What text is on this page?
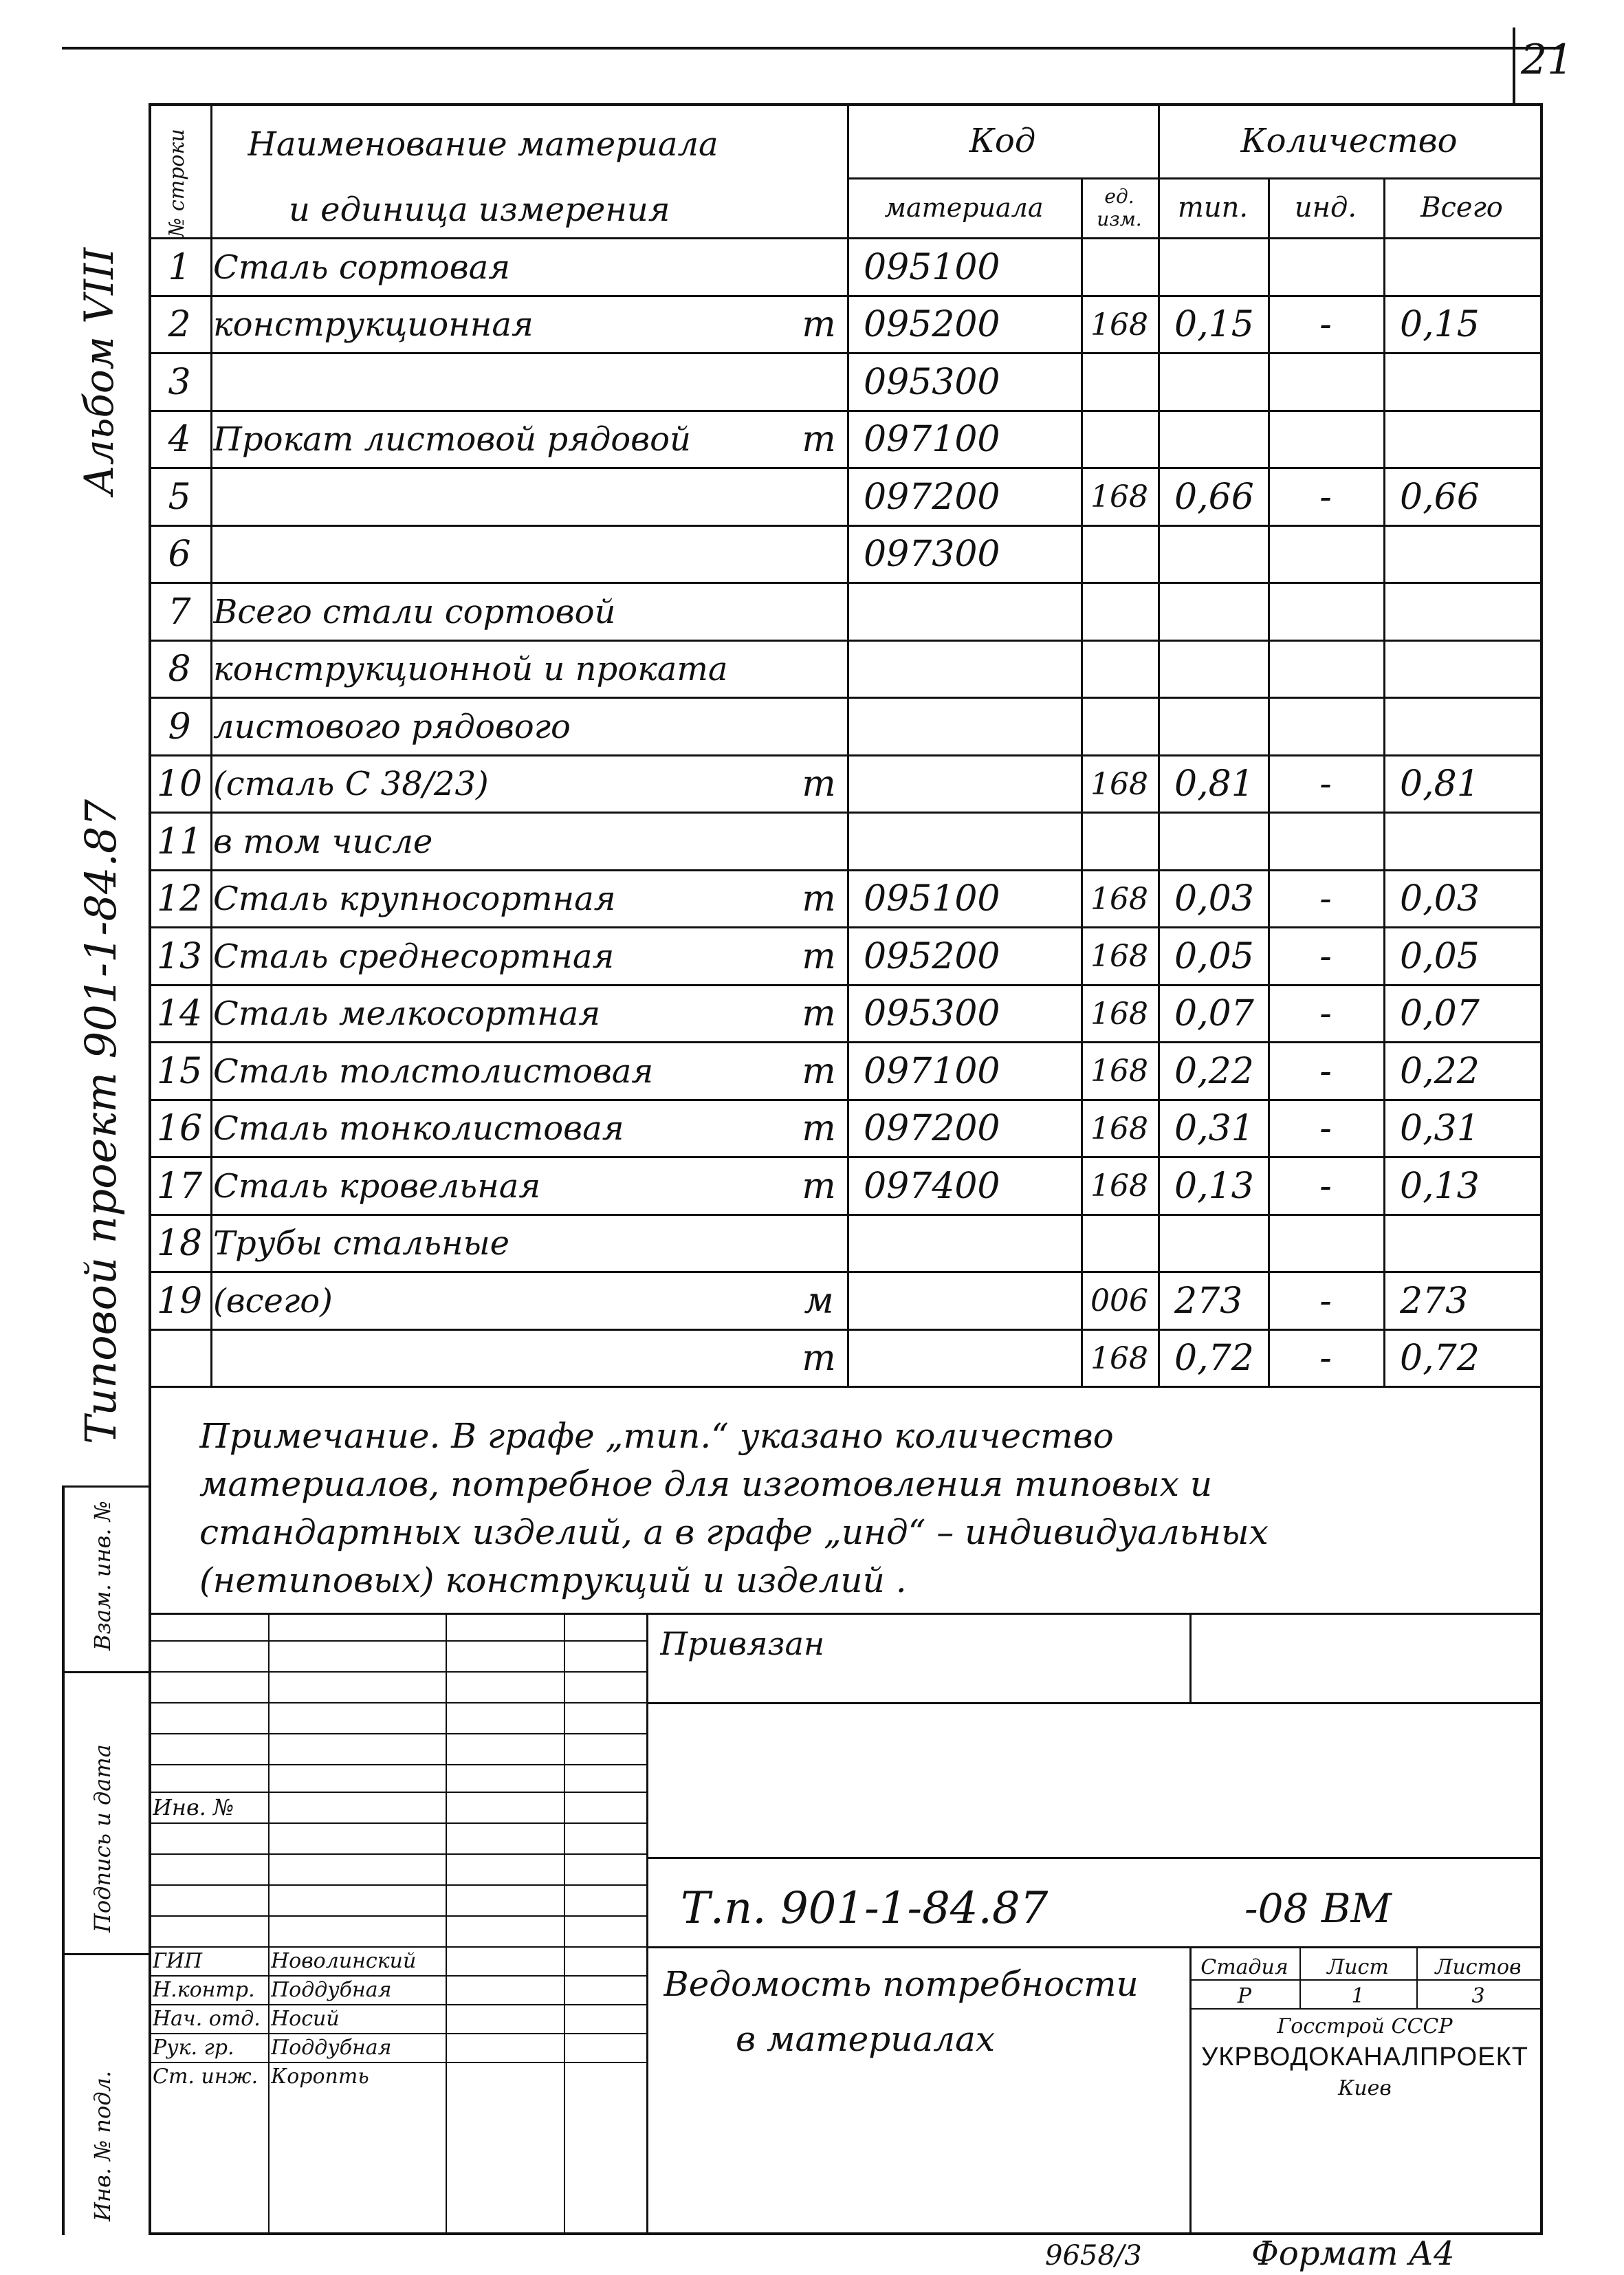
21
Альбом VIII
Типовой проект 901-1-84.87
№ строки Наименование материала
и единица измерения
Код	Количество
материала	ед. изм.	тип.	инд.	Всего
1 Сталь сортовая	095100
2 конструкционная	т 095200	168 0,15	-	0,15
3	095300
4 Прокат листовой рядовой	т 097100
5	097200	168 0,66	-	0,66
6	097300
7 Всего стали сортовой
8 конструкционной и проката
9 листового рядового
10 (сталь С 38/23)	т	168 0,81	-	0,81
11 в том числе
12 Сталь крупносортная	т 095100	168 0,03	-	0,03
13 Сталь среднесортная	т 095200	168 0,05	-	0,05
14 Сталь мелкосортная	т 095300	168 0,07	-	0,07
15 Сталь толстолистовая	т 097100	168 0,22	-	0,22
16 Сталь тонколистовая	т 097200	168 0,31	-	0,31
17 Сталь кровельная	т 097400	168 0,13	-	0,13
18 Трубы стальные
19 (всего)	м	006 273	-	273
т	168 0,72	-	0,72
Примечание. В графе „тип.“ указано количество
материалов, потребное для изготовления типовых и
стандартных изделий, а в графе „инд“ – индивидуальных
(нетиповых) конструкций и изделий .
Взам. инв. №
Подпись и дата
Инв. № подл.
Привязан
Инв. №
Т.п. 901-1-84.87	-08 ВМ
Ведомость потребности
в материалах
Стадия	Лист	Листов
Р	1	3
Госстрой СССР
УКРВОДОКАНАЛПРОЕКТ
Киев
ГИП	Новолинский
Н.контр. Поддубная
Нач. отд. Носий
Рук. гр.	Поддубная
Ст. инж. Коропть
9658/3	Формат А4
